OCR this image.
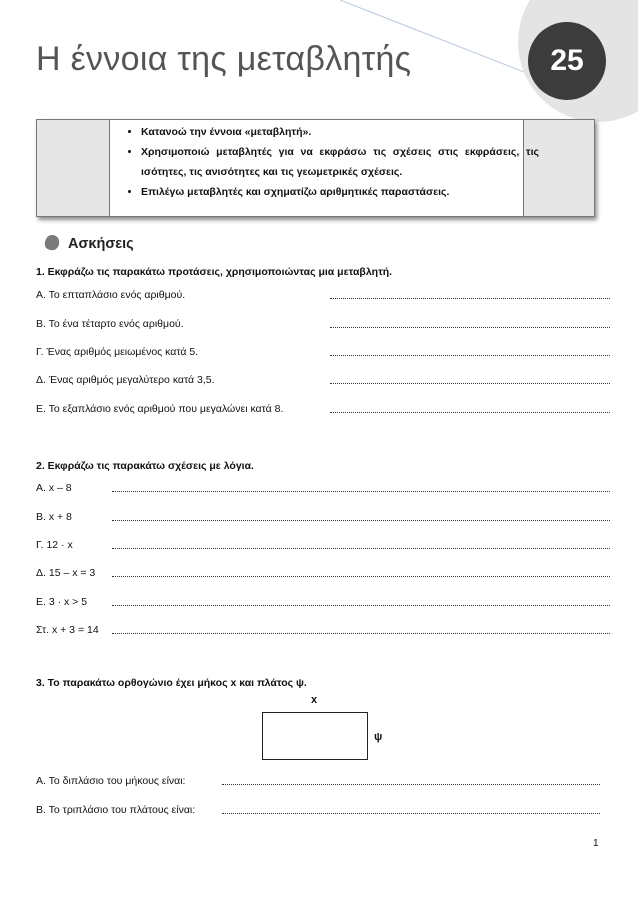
25
Η έννοια της μεταβλητής
• Κατανοώ την έννοια «μεταβλητή».
• Χρησιμοποιώ μεταβλητές για να εκφράσω τις σχέσεις στις εκφράσεις, τις ισότητες, τις ανισότητες και τις γεωμετρικές σχέσεις.
• Επιλέγω μεταβλητές και σχηματίζω αριθμητικές παραστάσεις.
Ασκήσεις
1. Εκφράζω τις παρακάτω προτάσεις, χρησιμοποιώντας μια μεταβλητή.
Α. Το επταπλάσιο ενός αριθμού.
Β. Το ένα τέταρτο ενός αριθμού.
Γ. Ένας αριθμός μειωμένος κατά 5.
Δ. Ένας αριθμός μεγαλύτερο κατά 3,5.
Ε. Το εξαπλάσιο ενός αριθμού που μεγαλώνει κατά 8.
2. Εκφράζω τις παρακάτω σχέσεις με λόγια.
Α. x – 8
Β. x + 8
Γ. 12 · x
Δ. 15 – x = 3
Ε. 3 · x > 5
Στ. x + 3 = 14
3. Το παρακάτω ορθογώνιο έχει μήκος x και πλάτος ψ.
x
ψ
Α. Το διπλάσιο του μήκους είναι:
Β. Το τριπλάσιο του πλάτους είναι:
1
